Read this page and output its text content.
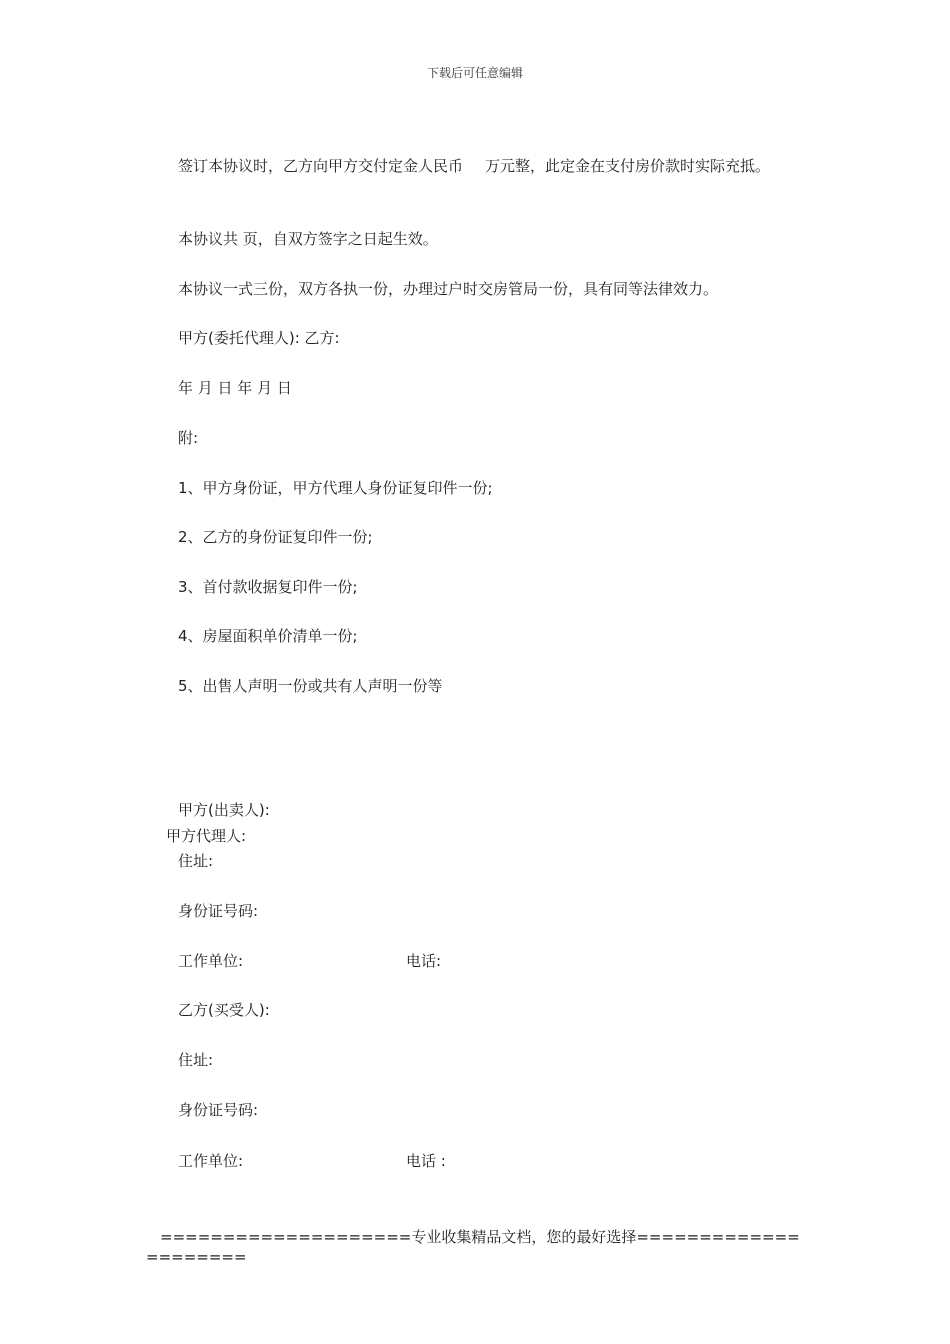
下载后可任意编辑
签订本协议时，乙方向甲方交付定金人民币 万元整，此定金在支付房价款时实际充抵。
本协议共 页，自双方签字之日起生效。
本协议一式三份，双方各执一份，办理过户时交房管局一份，具有同等法律效力。
甲方(委托代理人): 乙方:
年 月 日 年 月 日
附:
1、甲方身份证，甲方代理人身份证复印件一份;
2、乙方的身份证复印件一份;
3、首付款收据复印件一份;
4、房屋面积单价清单一份;
5、出售人声明一份或共有人声明一份等
甲方(出卖人):
甲方代理人:
住址:
身份证号码:
工作单位:	电话:
乙方(买受人):
住址:
身份证号码:
工作单位:	电话 :
====================专业收集精品文档，您的最好选择=====================
